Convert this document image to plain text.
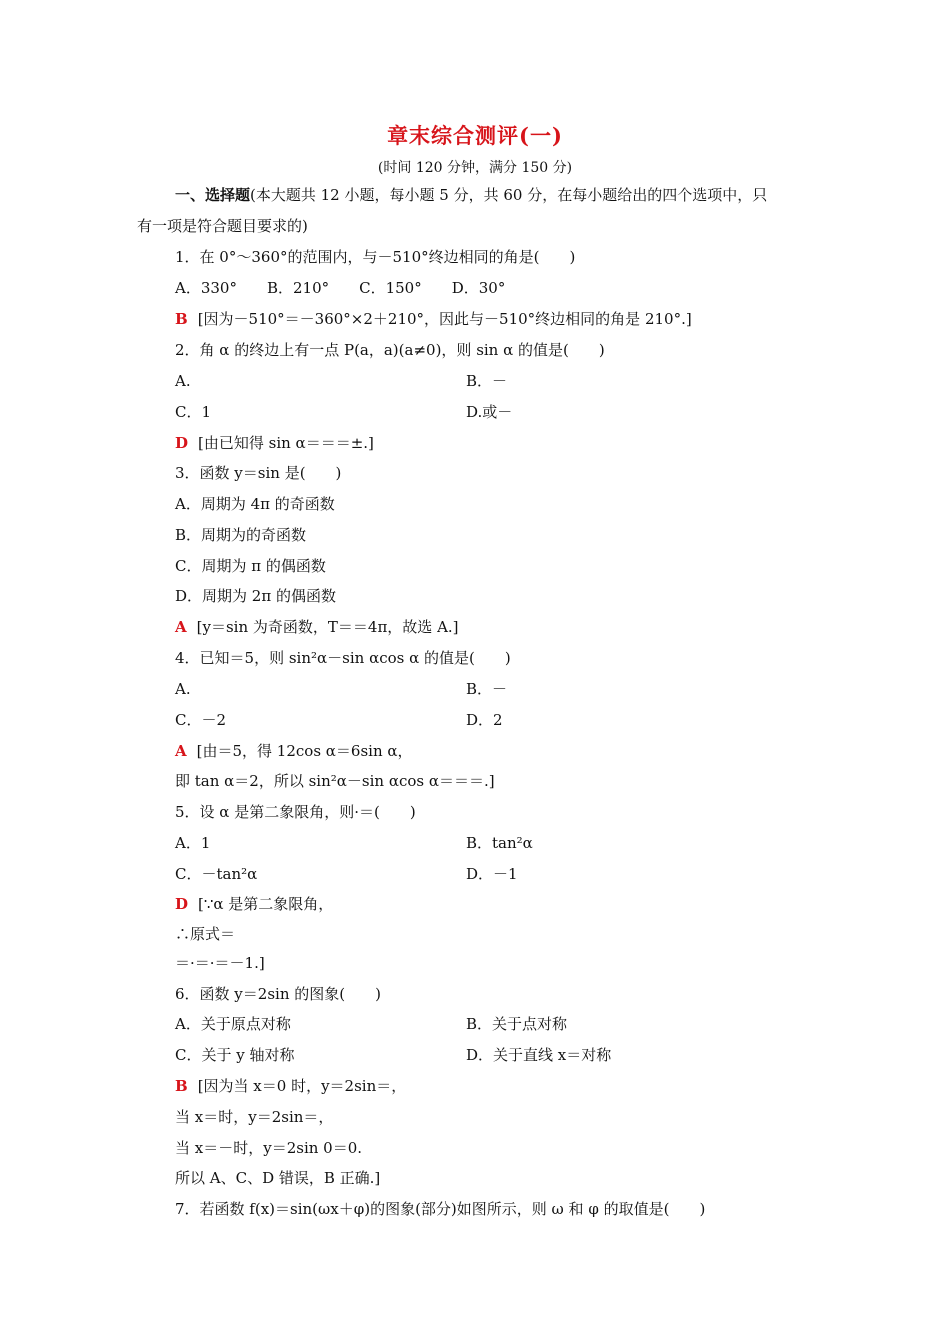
章末综合测评(一)
(时间 120 分钟，满分 150 分)
一、选择题(本大题共 12 小题，每小题 5 分，共 60 分，在每小题给出的四个选项中，只
有一项是符合题目要求的)
1．在 0°～360°的范围内，与－510°终边相同的角是(　　)
A．330°　　B．210°　　C．150°　　D．30°
B [因为－510°＝－360°×2＋210°，因此与－510°终边相同的角是 210°.]
2．角 α 的终边上有一点 P(a，a)(a≠0)，则 sin α 的值是(　　)
A.	B．－
C．1	D.或－
D [由已知得 sin α＝＝＝±.]
3．函数 y＝sin 是(　　)
A．周期为 4π 的奇函数
B．周期为的奇函数
C．周期为 π 的偶函数
D．周期为 2π 的偶函数
A [y＝sin 为奇函数，T＝＝4π，故选 A.]
4．已知＝5，则 sin²α－sin αcos α 的值是(　　)
A.	B．－
C．－2	D．2
A [由＝5，得 12cos α＝6sin α，
即 tan α＝2，所以 sin²α－sin αcos α＝＝＝.]
5．设 α 是第二象限角，则·＝(　　)
A．1	B．tan²α
C．－tan²α	D．－1
D [∵α 是第二象限角，
∴原式＝
＝·＝·＝－1.]
6．函数 y＝2sin 的图象(　　)
A．关于原点对称	B．关于点对称
C．关于 y 轴对称	D．关于直线 x＝对称
B [因为当 x＝0 时，y＝2sin＝，
当 x＝时，y＝2sin＝，
当 x＝－时，y＝2sin 0＝0.
所以 A、C、D 错误，B 正确.]
7．若函数 f(x)＝sin(ωx＋φ)的图象(部分)如图所示，则 ω 和 φ 的取值是(　　)
